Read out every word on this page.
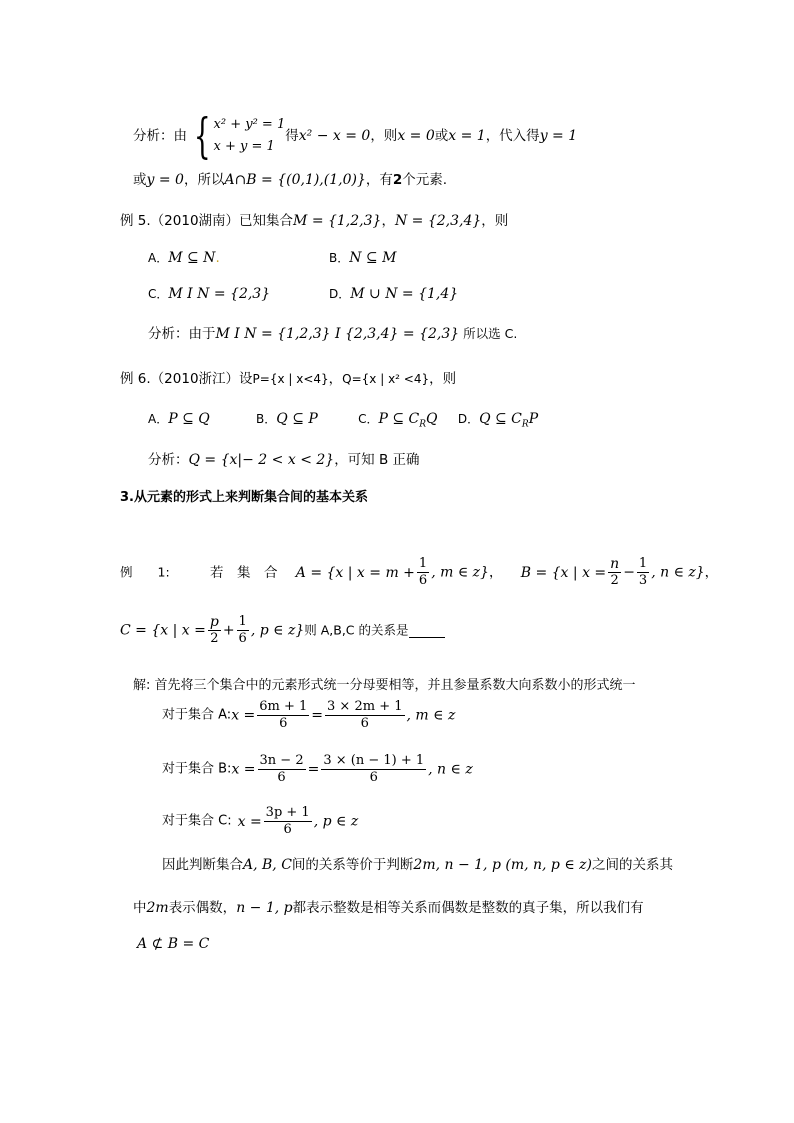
分析：由 { x² + y² = 1
x + y = 1
得x² − x = 0，则x = 0或x = 1，代入得y = 1
或y = 0，所以A∩B = {(0,1),(1,0)}，有2个元素.
例 5.（2010湖南）已知集合M = {1,2,3}，N = {2,3,4}，则
A．M ⊆ N.	B．N ⊆ M
C．M I N = {2,3}	D．M ∪ N = {1,4}
分析：由于M I N = {1,2,3} I {2,3,4} = {2,3} 所以选 C.
例 6.（2010浙江）设P={x | x<4}，Q={x | x² <4}，则
A．P ⊆ Q	B．Q ⊆ P	C．P ⊆ $C_RQ$ D．Q ⊆ $C_RP$
分析：Q = {x|− 2 < x < 2}，可知 B 正确
3.从元素的形式上来判断集合间的基本关系
例　　1:	若　集　合 A = {x | $x = m + \frac{1}{6}$ , m ∈ z}， B = {x | $x = \frac{n}{2} - \frac{1}{3}$ , n ∈ z}，
C = {x | $x = \frac{p}{2} + \frac{1}{6}$ , p ∈ z}则 A,B,C 的关系是
解: 首先将三个集合中的元素形式统一分母要相等，并且参量系数大向系数小的形式统一
对于集合 A:x = $\frac{6m + 1}{6} = \frac{3 \times 2m + 1}{6}$ , m ∈ z
对于集合 B:x = $\frac{3n - 2}{6} = \frac{3 \times (n - 1) + 1}{6}$ , n ∈ z
对于集合 C: $x = \frac{3p + 1}{6}$ , p ∈ z
因此判断集合A, B, C间的关系等价于判断2m, n − 1, p (m, n, p ∈ z)之间的关系其
中2m表示偶数，n − 1, p都表示整数是相等关系而偶数是整数的真子集，所以我们有
A ⊄ B = C
